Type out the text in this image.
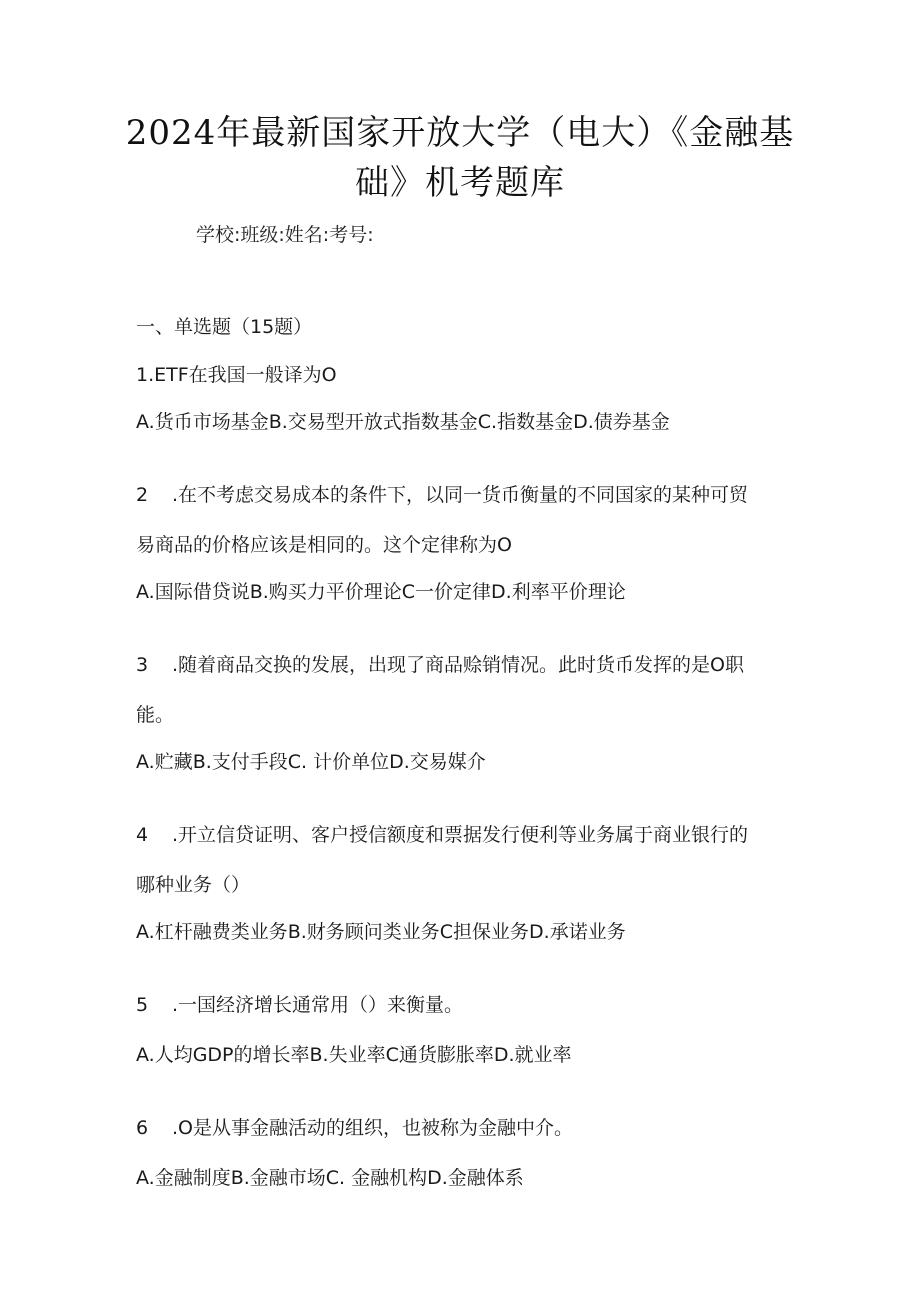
2024年最新国家开放大学（电大）《金融基
础》机考题库
学校:班级:姓名:考号:
一、单选题（15题）
1.ETF在我国一般译为O
A.货币市场基金B.交易型开放式指数基金C.指数基金D.债券基金
2 .在不考虑交易成本的条件下，以同一货币衡量的不同国家的某种可贸
易商品的价格应该是相同的。这个定律称为O
A.国际借贷说B.购买力平价理论C一价定律D.利率平价理论
3 .随着商品交换的发展，出现了商品赊销情况。此时货币发挥的是O职
能。
A.贮藏B.支付手段C. 计价单位D.交易媒介
4 .开立信贷证明、客户授信额度和票据发行便利等业务属于商业银行的
哪种业务（）
A.杠杆融费类业务B.财务顾问类业务C担保业务D.承诺业务
5 .一国经济增长通常用（）来衡量。
A.人均GDP的增长率B.失业率C通货膨胀率D.就业率
6 .O是从事金融活动的组织，也被称为金融中介。
A.金融制度B.金融市场C. 金融机构D.金融体系
